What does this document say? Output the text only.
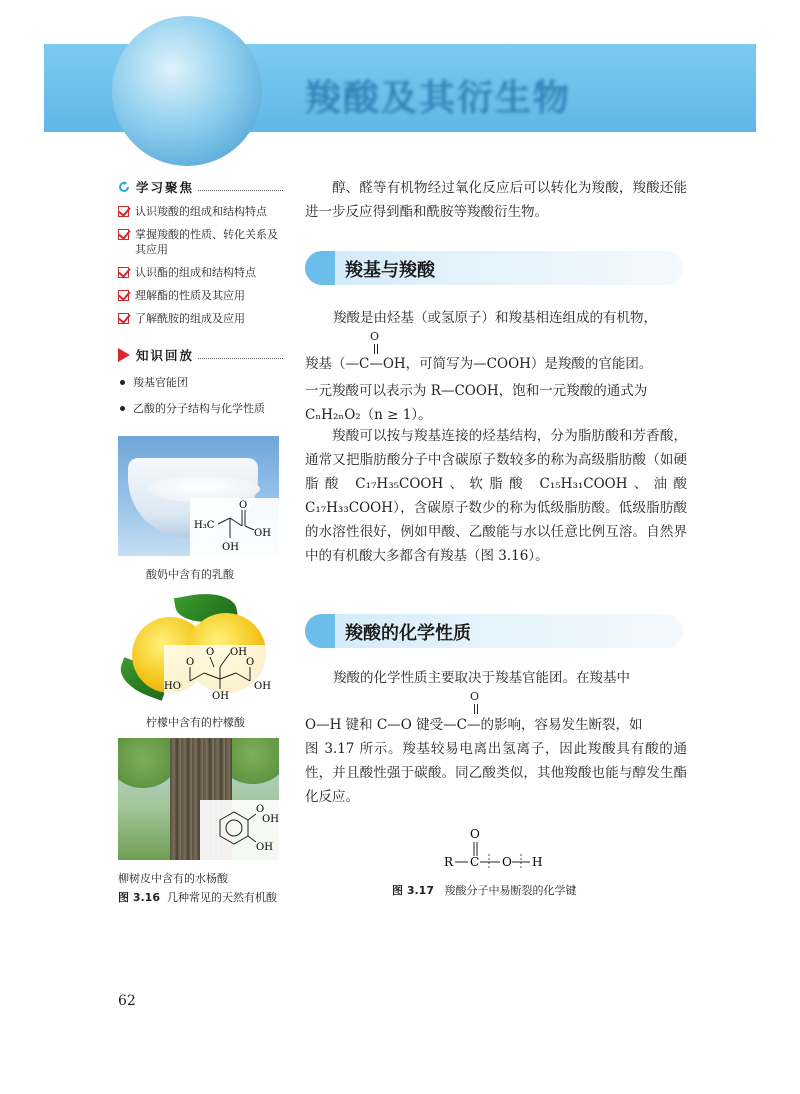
羧酸及其衍生物
学习聚焦
认识羧酸的组成和结构特点
掌握羧酸的性质、转化关系及其应用
认识酯的组成和结构特点
理解酯的性质及其应用
了解酰胺的组成及应用
知识回放
羧基官能团
乙酸的分子结构与化学性质
H₃C
O
OH
OH
酸奶中含有的乳酸
O OH
O
HO
O
OH
OH
柠檬中含有的柠檬酸
O
OH
OH
柳树皮中含有的水杨酸
图 3.16 几种常见的天然有机酸

醇、醛等有机物经过氧化反应后可以转化为羧酸，羧酸还能进一步反应得到酯和酰胺等羧酸衍生物。

羧基与羧酸
羧酸是由烃基（或氢原子）和羧基相连组成的有机物，
O
羧基（—C—OH，可简写为—COOH）是羧酸的官能团。
一元羧酸可以表示为 R—COOH，饱和一元羧酸的通式为
CₙH₂ₙO₂（n ≥ 1）。

羧酸可以按与羧基连接的烃基结构，分为脂肪酸和芳香酸，通常又把脂肪酸分子中含碳原子数较多的称为高级脂肪酸（如硬脂酸 C₁₇H₃₅COOH、软脂酸 C₁₅H₃₁COOH、油酸 C₁₇H₃₃COOH），含碳原子数少的称为低级脂肪酸。低级脂肪酸的水溶性很好，例如甲酸、乙酸能与水以任意比例互溶。自然界中的有机酸大多都含有羧基（图 3.16）。

羧酸的化学性质
羧酸的化学性质主要取决于羧基官能团。在羧基中
O
O—H 键和 C—O 键受—C—的影响，容易发生断裂，如

图 3.17 所示。羧基较易电离出氢离子，因此羧酸具有酸的通性，并且酸性强于碳酸。同乙酸类似，其他羧酸也能与醇发生酯化反应。

O
R C O H
图 3.17 羧酸分子中易断裂的化学键
62
